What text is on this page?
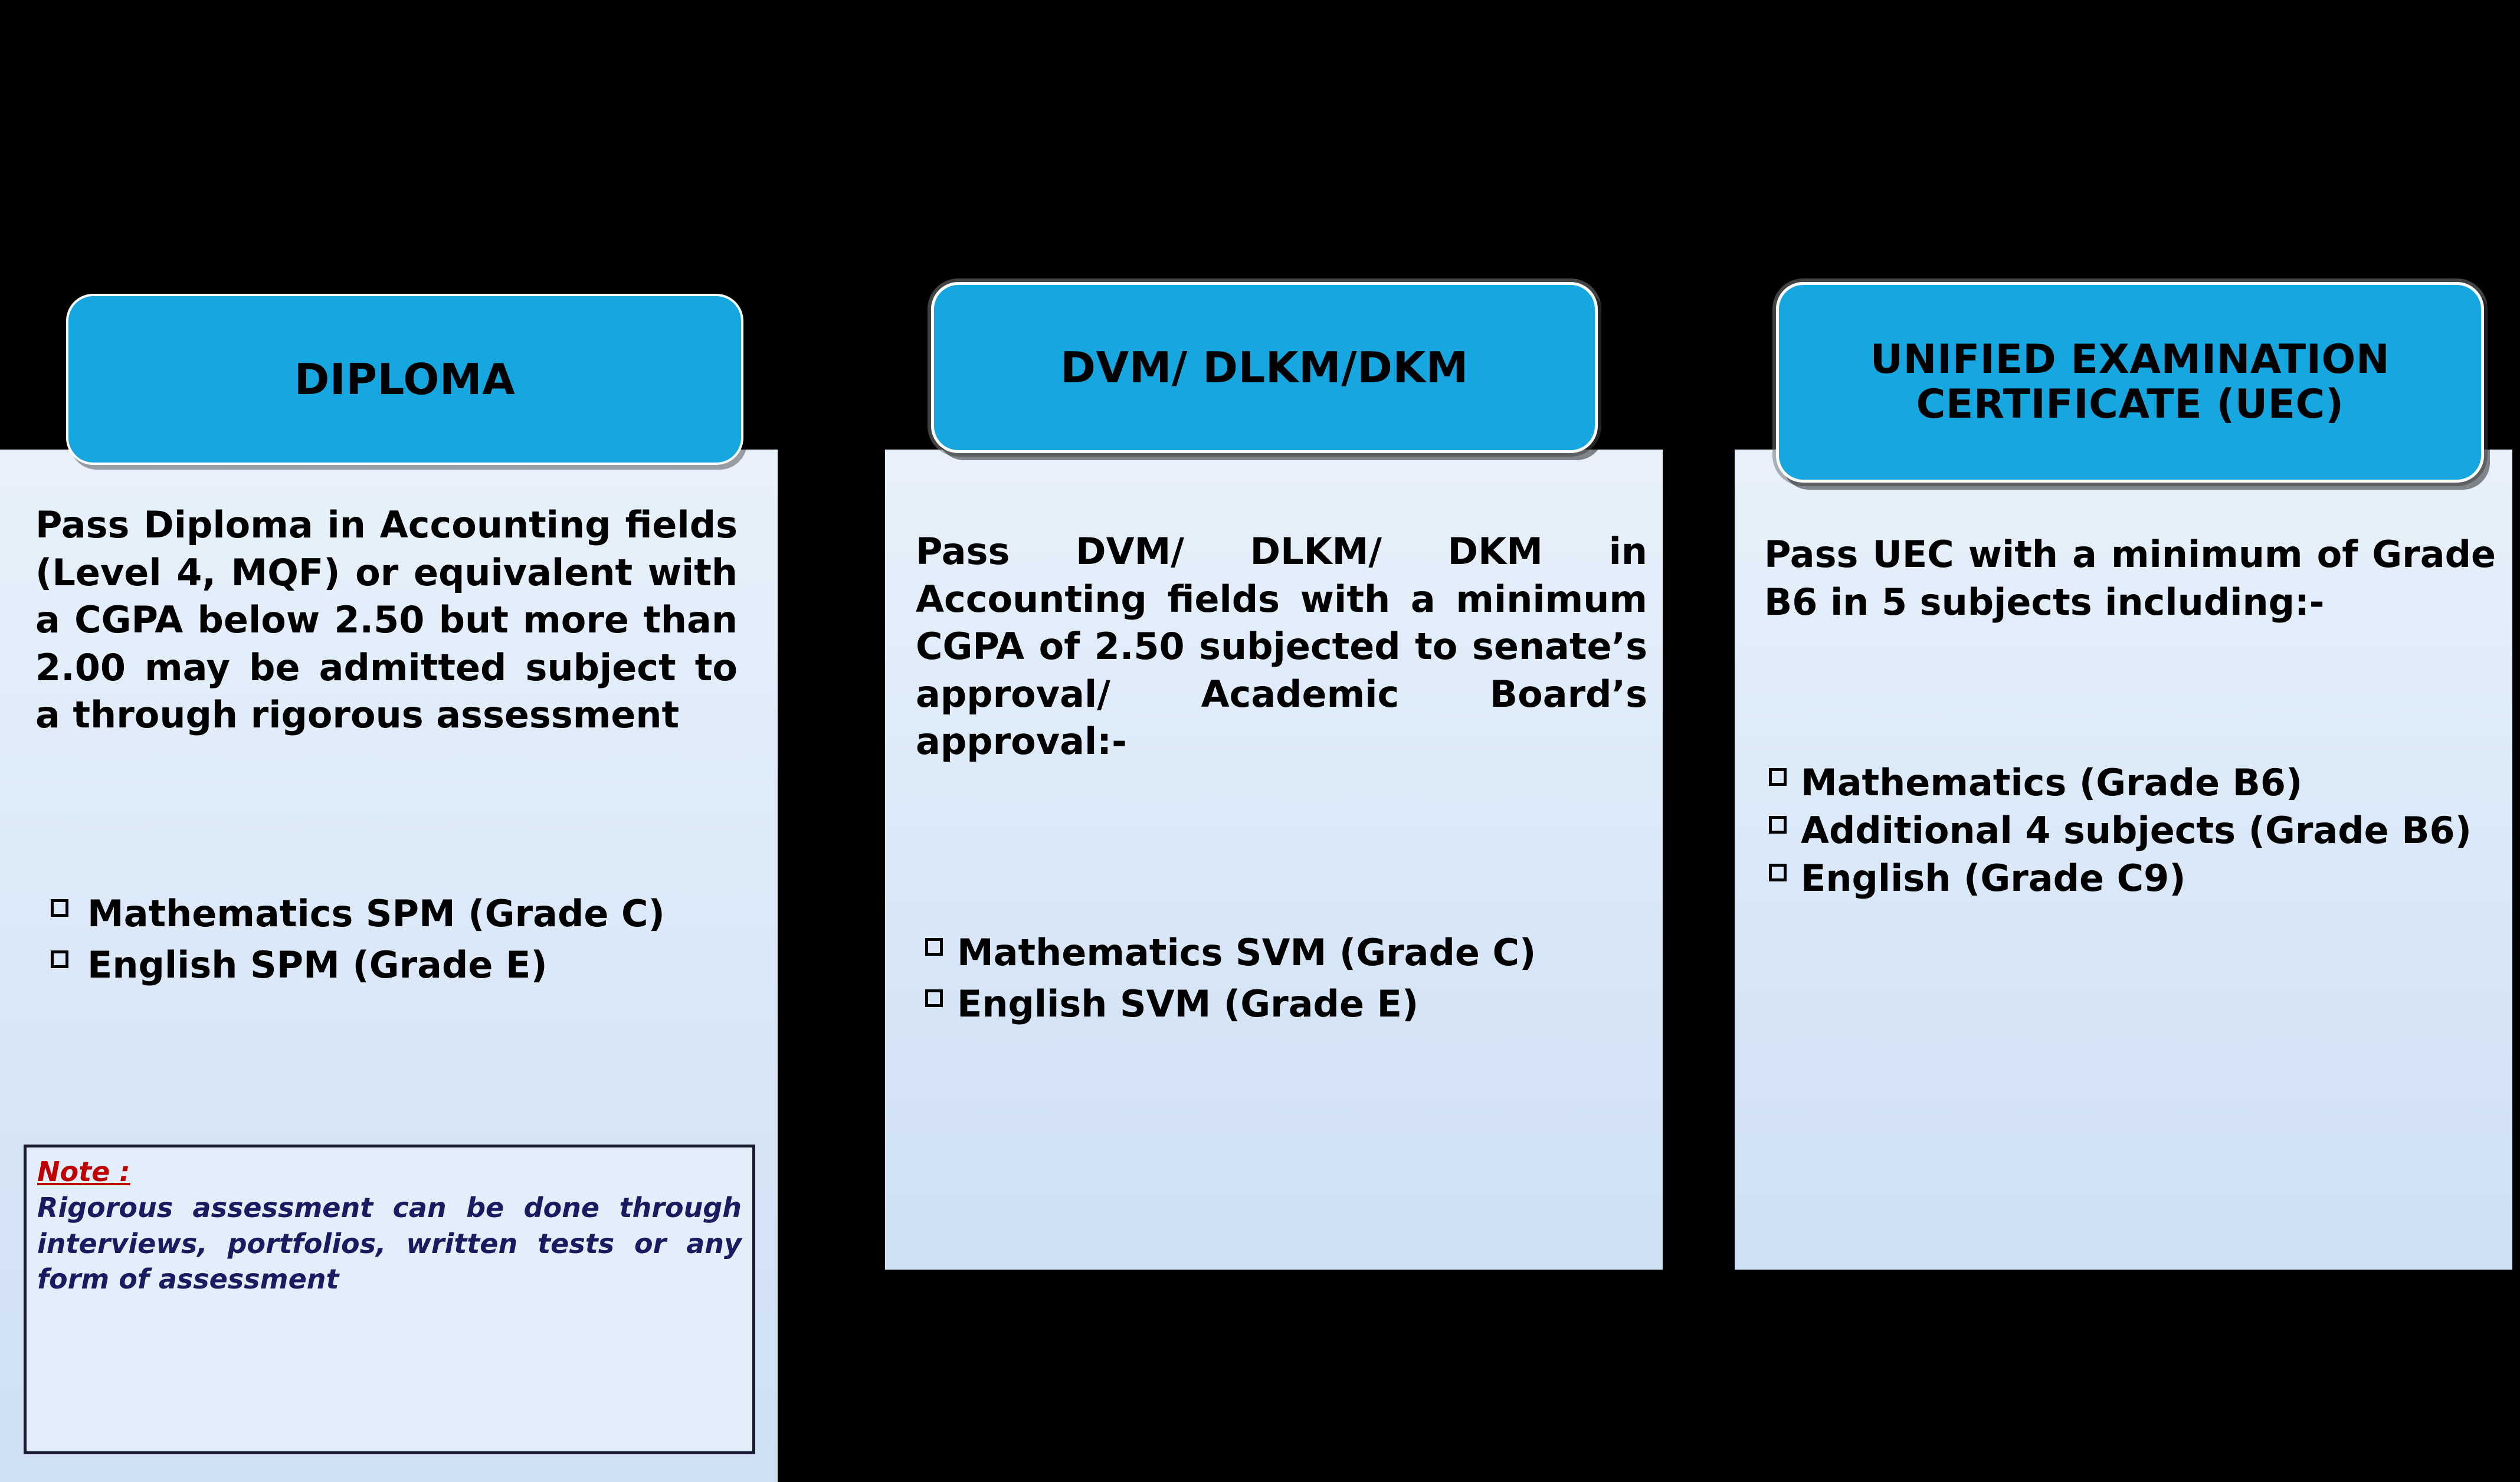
DIPLOMA
Pass Diploma in Accounting fields (Level 4, MQF) or equivalent with a CGPA below 2.50 but more than 2.00 may be admitted subject to a through rigorous assessment
Mathematics SPM (Grade C)
English SPM (Grade E)
Note :
Rigorous assessment can be done through interviews, portfolios, written tests or any form of assessment
DVM/ DLKM/DKM
Pass DVM/ DLKM/ DKM in Accounting fields with a minimum CGPA of 2.50 subjected to senate’s approval/ Academic Board’s approval:-
Mathematics SVM (Grade C)
English SVM (Grade E)
UNIFIED EXAMINATION CERTIFICATE (UEC)
Pass UEC with a minimum of Grade B6 in 5 subjects including:-
Mathematics (Grade B6)
Additional 4 subjects (Grade B6)
English (Grade C9)
